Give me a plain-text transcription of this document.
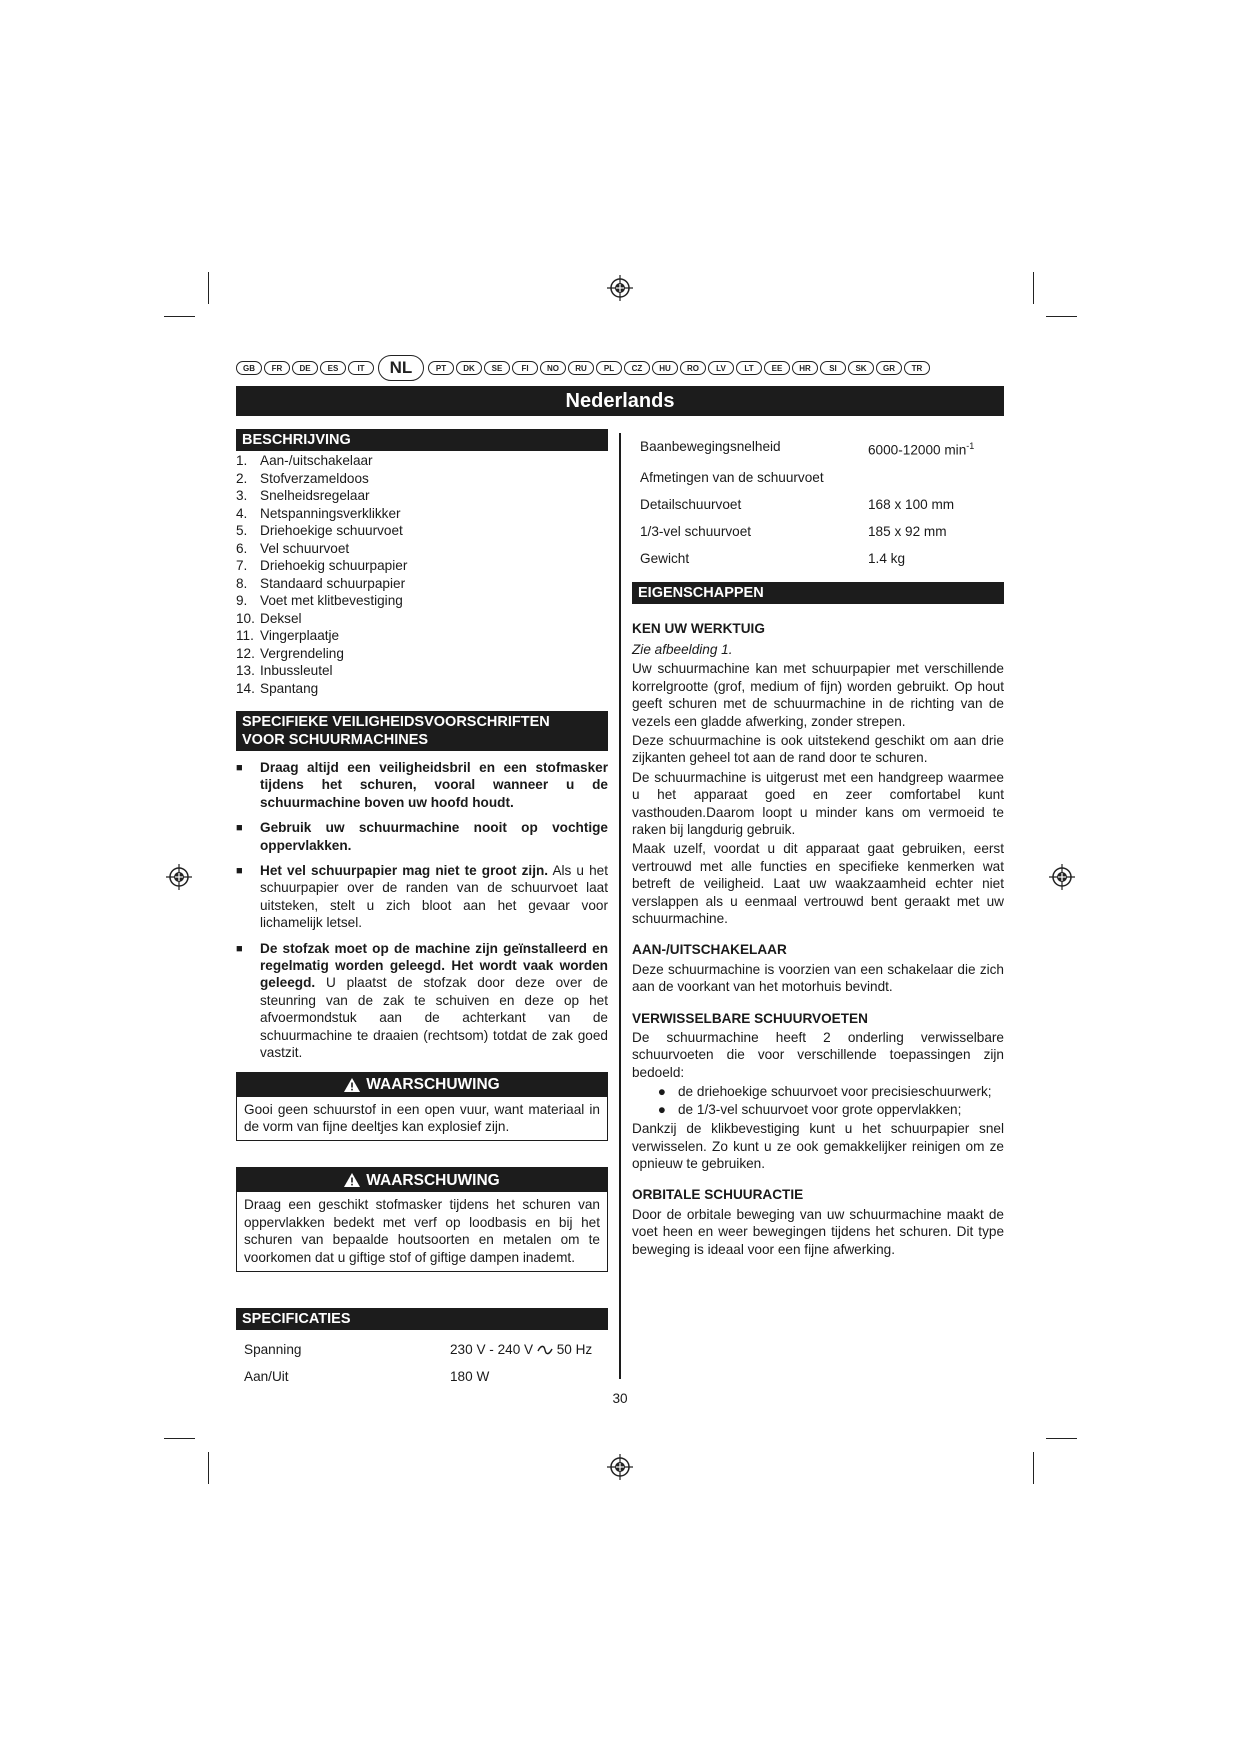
GB	FR	DE	ES	IT	NL	PT	DK	SE	FI	NO	RU	PL	CZ	HU	RO	LV	LT	EE	HR	SI	SK	GR	TR
Nederlands
BESCHRIJVING
1. Aan-/uitschakelaar
2. Stofverzameldoos
3. Snelheidsregelaar
4. Netspanningsverklikker
5. Driehoekige schuurvoet
6. Vel schuurvoet
7. Driehoekig schuurpapier
8. Standaard schuurpapier
9. Voet met klitbevestiging
10. Deksel
11. Vingerplaatje
12. Vergrendeling
13. Inbussleutel
14. Spantang
SPECIFIEKE VEILIGHEIDSVOORSCHRIFTEN
VOOR SCHUURMACHINES
■	Draag altijd een veiligheidsbril en een stofmasker tijdens het schuren, vooral wanneer u de schuurmachine boven uw hoofd houdt.
■	Gebruik uw schuurmachine nooit op vochtige oppervlakken.
■	Het vel schuurpapier mag niet te groot zijn. Als u het schuurpapier over de randen van de schuurvoet laat uitsteken, stelt u zich bloot aan het gevaar voor lichamelijk letsel.
■	De stofzak moet op de machine zijn geïnstalleerd en regelmatig worden geleegd. Het wordt vaak worden geleegd. U plaatst de stofzak door deze over de steunring van de zak te schuiven en deze op het afvoermondstuk aan de achterkant van de schuurmachine te draaien (rechtsom) totdat de zak goed vastzit.
WAARSCHUWING
Gooi geen schuurstof in een open vuur, want materiaal in de vorm van fijne deeltjes kan explosief zijn.
WAARSCHUWING
Draag een geschikt stofmasker tijdens het schuren van oppervlakken bedekt met verf op loodbasis en bij het schuren van bepaalde houtsoorten en metalen om te voorkomen dat u giftige stof of giftige dampen inademt.
SPECIFICATIES
Spanning	230 V - 240 V 50 Hz
Aan/Uit	180 W
Baanbewegingsnelheid	6000-12000 $\min^{-1}$
Afmetingen van de schuurvoet	
Detailschuurvoet	168 x 100 mm
1/3-vel schuurvoet	185 x 92 mm
Gewicht	1.4 kg
EIGENSCHAPPEN
KEN UW WERKTUIG
Zie afbeelding 1.

Uw schuurmachine kan met schuurpapier met verschillende korrelgrootte (grof, medium of fijn) worden gebruikt. Op hout geeft schuren met de schuurmachine in de richting van de vezels een gladde afwerking, zonder strepen.

Deze schuurmachine is ook uitstekend geschikt om aan drie zijkanten geheel tot aan de rand door te schuren.

De schuurmachine is uitgerust met een handgreep waarmee u het apparaat goed en zeer comfortabel kunt vasthouden.Daarom loopt u minder kans om vermoeid te raken bij langdurig gebruik.

Maak uzelf, voordat u dit apparaat gaat gebruiken, eerst vertrouwd met alle functies en specifieke kenmerken wat betreft de veiligheid. Laat uw waakzaamheid echter niet verslappen als u eenmaal vertrouwd bent geraakt met uw schuurmachine.

AAN-/UITSCHAKELAAR

Deze schuurmachine is voorzien van een schakelaar die zich aan de voorkant van het motorhuis bevindt.

VERWISSELBARE SCHUURVOETEN

De schuurmachine heeft 2 onderling verwisselbare schuurvoeten die voor verschillende toepassingen zijn bedoeld:

● de driehoekige schuurvoet voor precisieschuurwerk;
● de 1/3-vel schuurvoet voor grote oppervlakken;

Dankzij de klikbevestiging kunt u het schuurpapier snel verwisselen. Zo kunt u ze ook gemakkelijker reinigen om ze opnieuw te gebruiken.

ORBITALE SCHUURACTIE

Door de orbitale beweging van uw schuurmachine maakt de voet heen en weer bewegingen tijdens het schuren. Dit type beweging is ideaal voor een fijne afwerking.

30
